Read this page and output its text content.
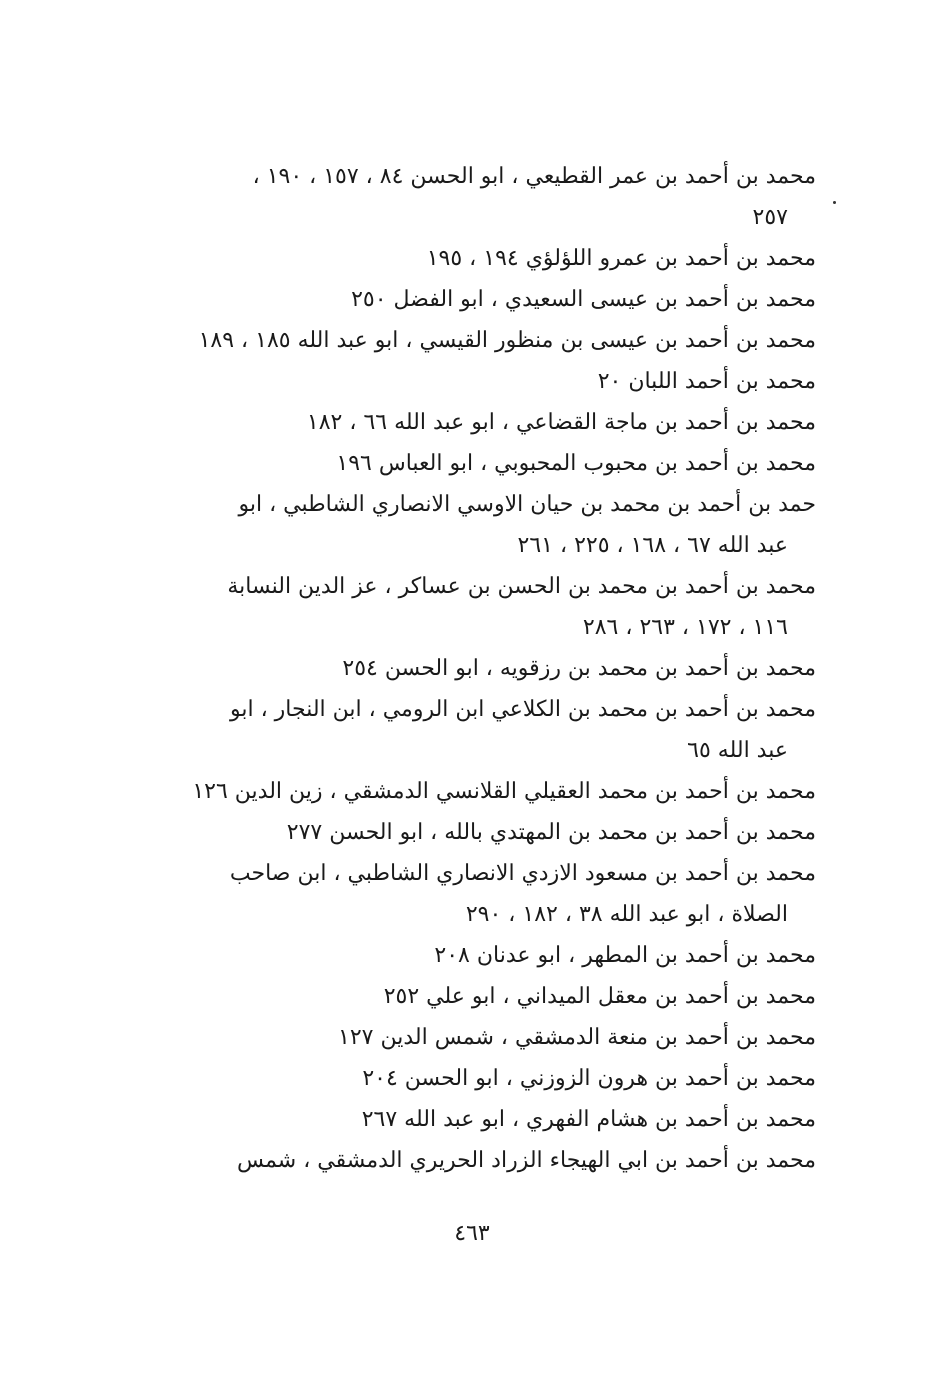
محمد بن أحمد بن عمر القطيعي ، ابو الحسن ٨٤ ، ١٥٧ ، ١٩٠ ،
٢٥٧
محمد بن أحمد بن عمرو اللؤلؤي ١٩٤ ، ١٩٥
محمد بن أحمد بن عيسى السعيدي ، ابو الفضل ٢٥٠
محمد بن أحمد بن عيسى بن منظور القيسي ، ابو عبد الله ١٨٥ ، ١٨٩
محمد بن أحمد اللبان ٢٠
محمد بن أحمد بن ماجة القضاعي ، ابو عبد الله ٦٦ ، ١٨٢
محمد بن أحمد بن محبوب المحبوبي ، ابو العباس ١٩٦
حمد بن أحمد بن محمد بن حيان الاوسي الانصاري الشاطبي ، ابو
عبد الله ٦٧ ، ١٦٨ ، ٢٢٥ ، ٢٦١
محمد بن أحمد بن محمد بن الحسن بن عساكر ، عز الدين النسابة
١١٦ ، ١٧٢ ، ٢٦٣ ، ٢٨٦
محمد بن أحمد بن محمد بن رزقويه ، ابو الحسن ٢٥٤
محمد بن أحمد بن محمد بن الكلاعي ابن الرومي ، ابن النجار ، ابو
عبد الله ٦٥
محمد بن أحمد بن محمد العقيلي القلانسي الدمشقي ، زين الدين ١٢٦
محمد بن أحمد بن محمد بن المهتدي بالله ، ابو الحسن ٢٧٧
محمد بن أحمد بن مسعود الازدي الانصاري الشاطبي ، ابن صاحب
الصلاة ، ابو عبد الله ٣٨ ، ١٨٢ ، ٢٩٠
محمد بن أحمد بن المطهر ، ابو عدنان ٢٠٨
محمد بن أحمد بن معقل الميداني ، ابو علي ٢٥٢
محمد بن أحمد بن منعة الدمشقي ، شمس الدين ١٢٧
محمد بن أحمد بن هرون الزوزني ، ابو الحسن ٢٠٤
محمد بن أحمد بن هشام الفهري ، ابو عبد الله ٢٦٧
محمد بن أحمد بن ابي الهيجاء الزراد الحريري الدمشقي ، شمس
٤٦٣
